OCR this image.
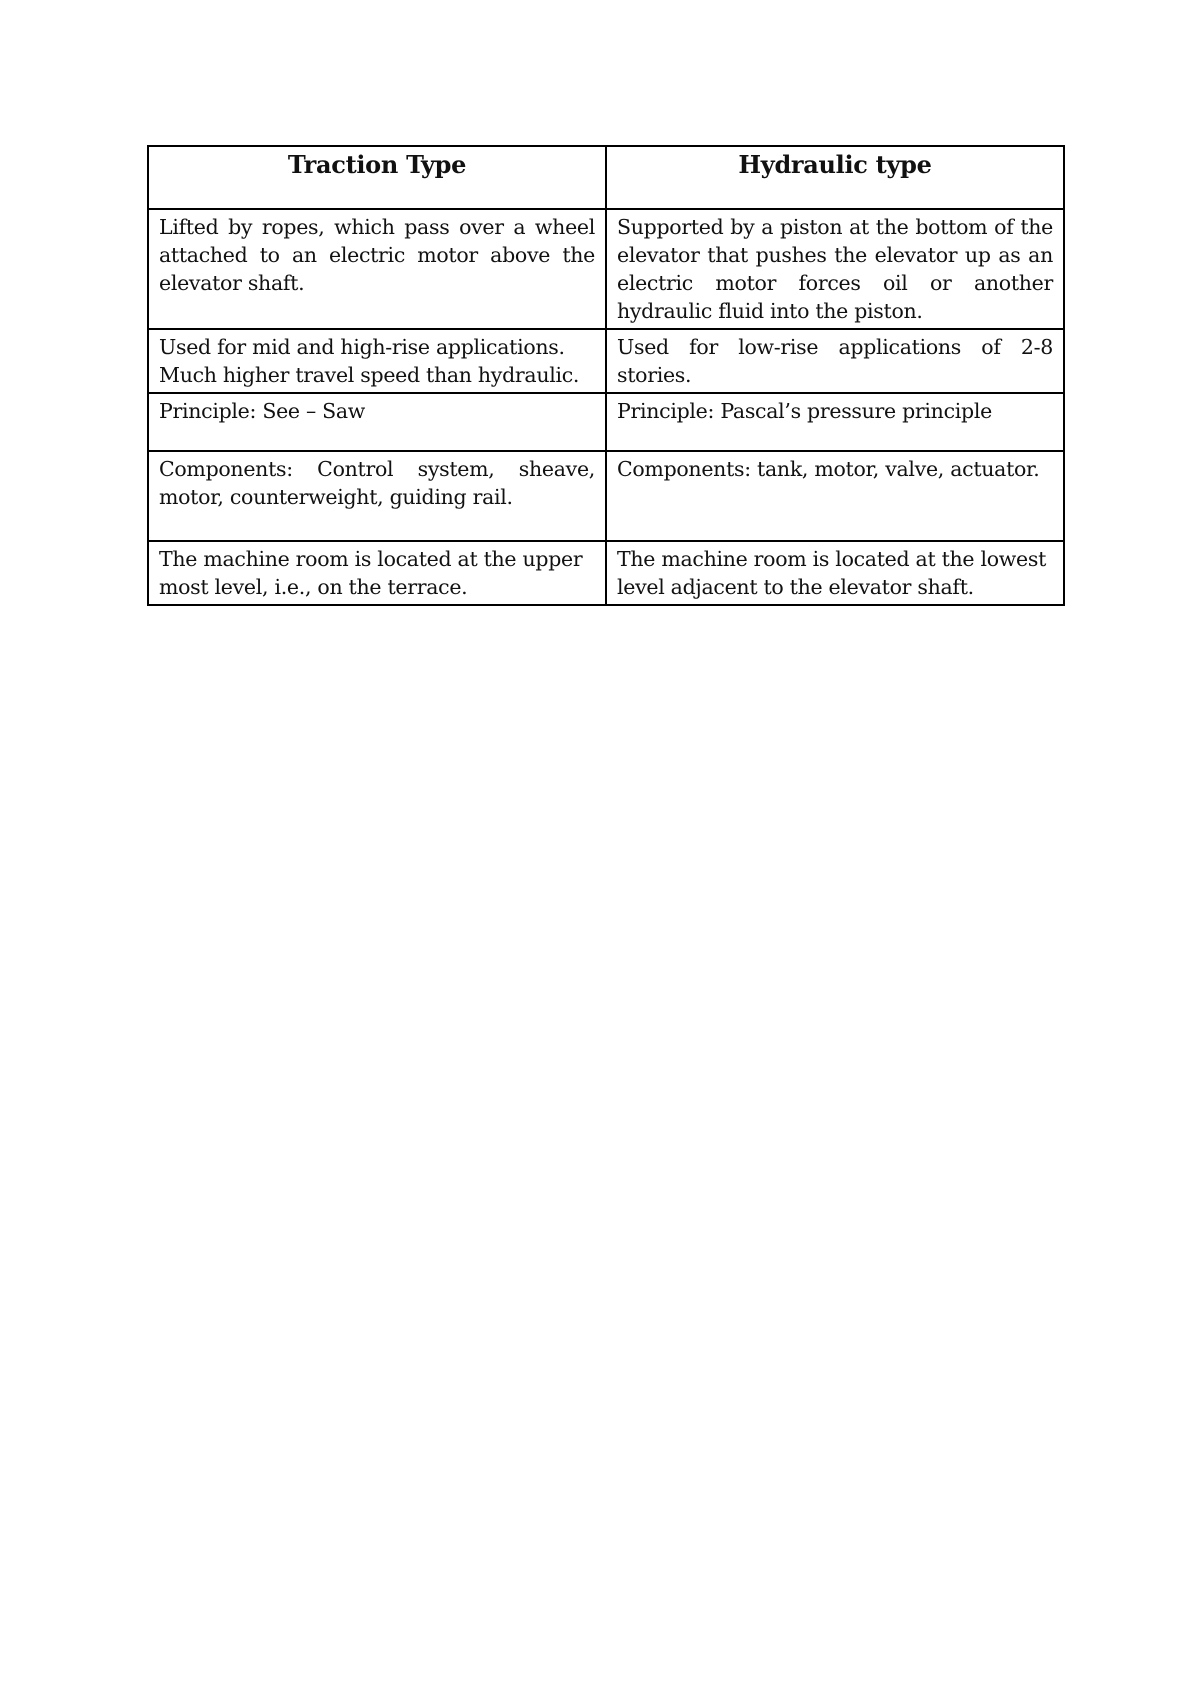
Traction Type	Hydraulic type
Lifted by ropes, which pass over a wheel attached to an electric motor above the elevator shaft.	Supported by a piston at the bottom of the elevator that pushes the elevator up as an electric motor forces oil or another hydraulic fluid into the piston.
Used for mid and high-rise applications. Much higher travel speed than hydraulic.	Used for low-rise applications of 2-8 stories.
Principle: See – Saw	Principle: Pascal’s pressure principle
Components: Control system, sheave, motor, counterweight, guiding rail.	Components: tank, motor, valve, actuator.
The machine room is located at the upper most level, i.e., on the terrace.	The machine room is located at the lowest level adjacent to the elevator shaft.
